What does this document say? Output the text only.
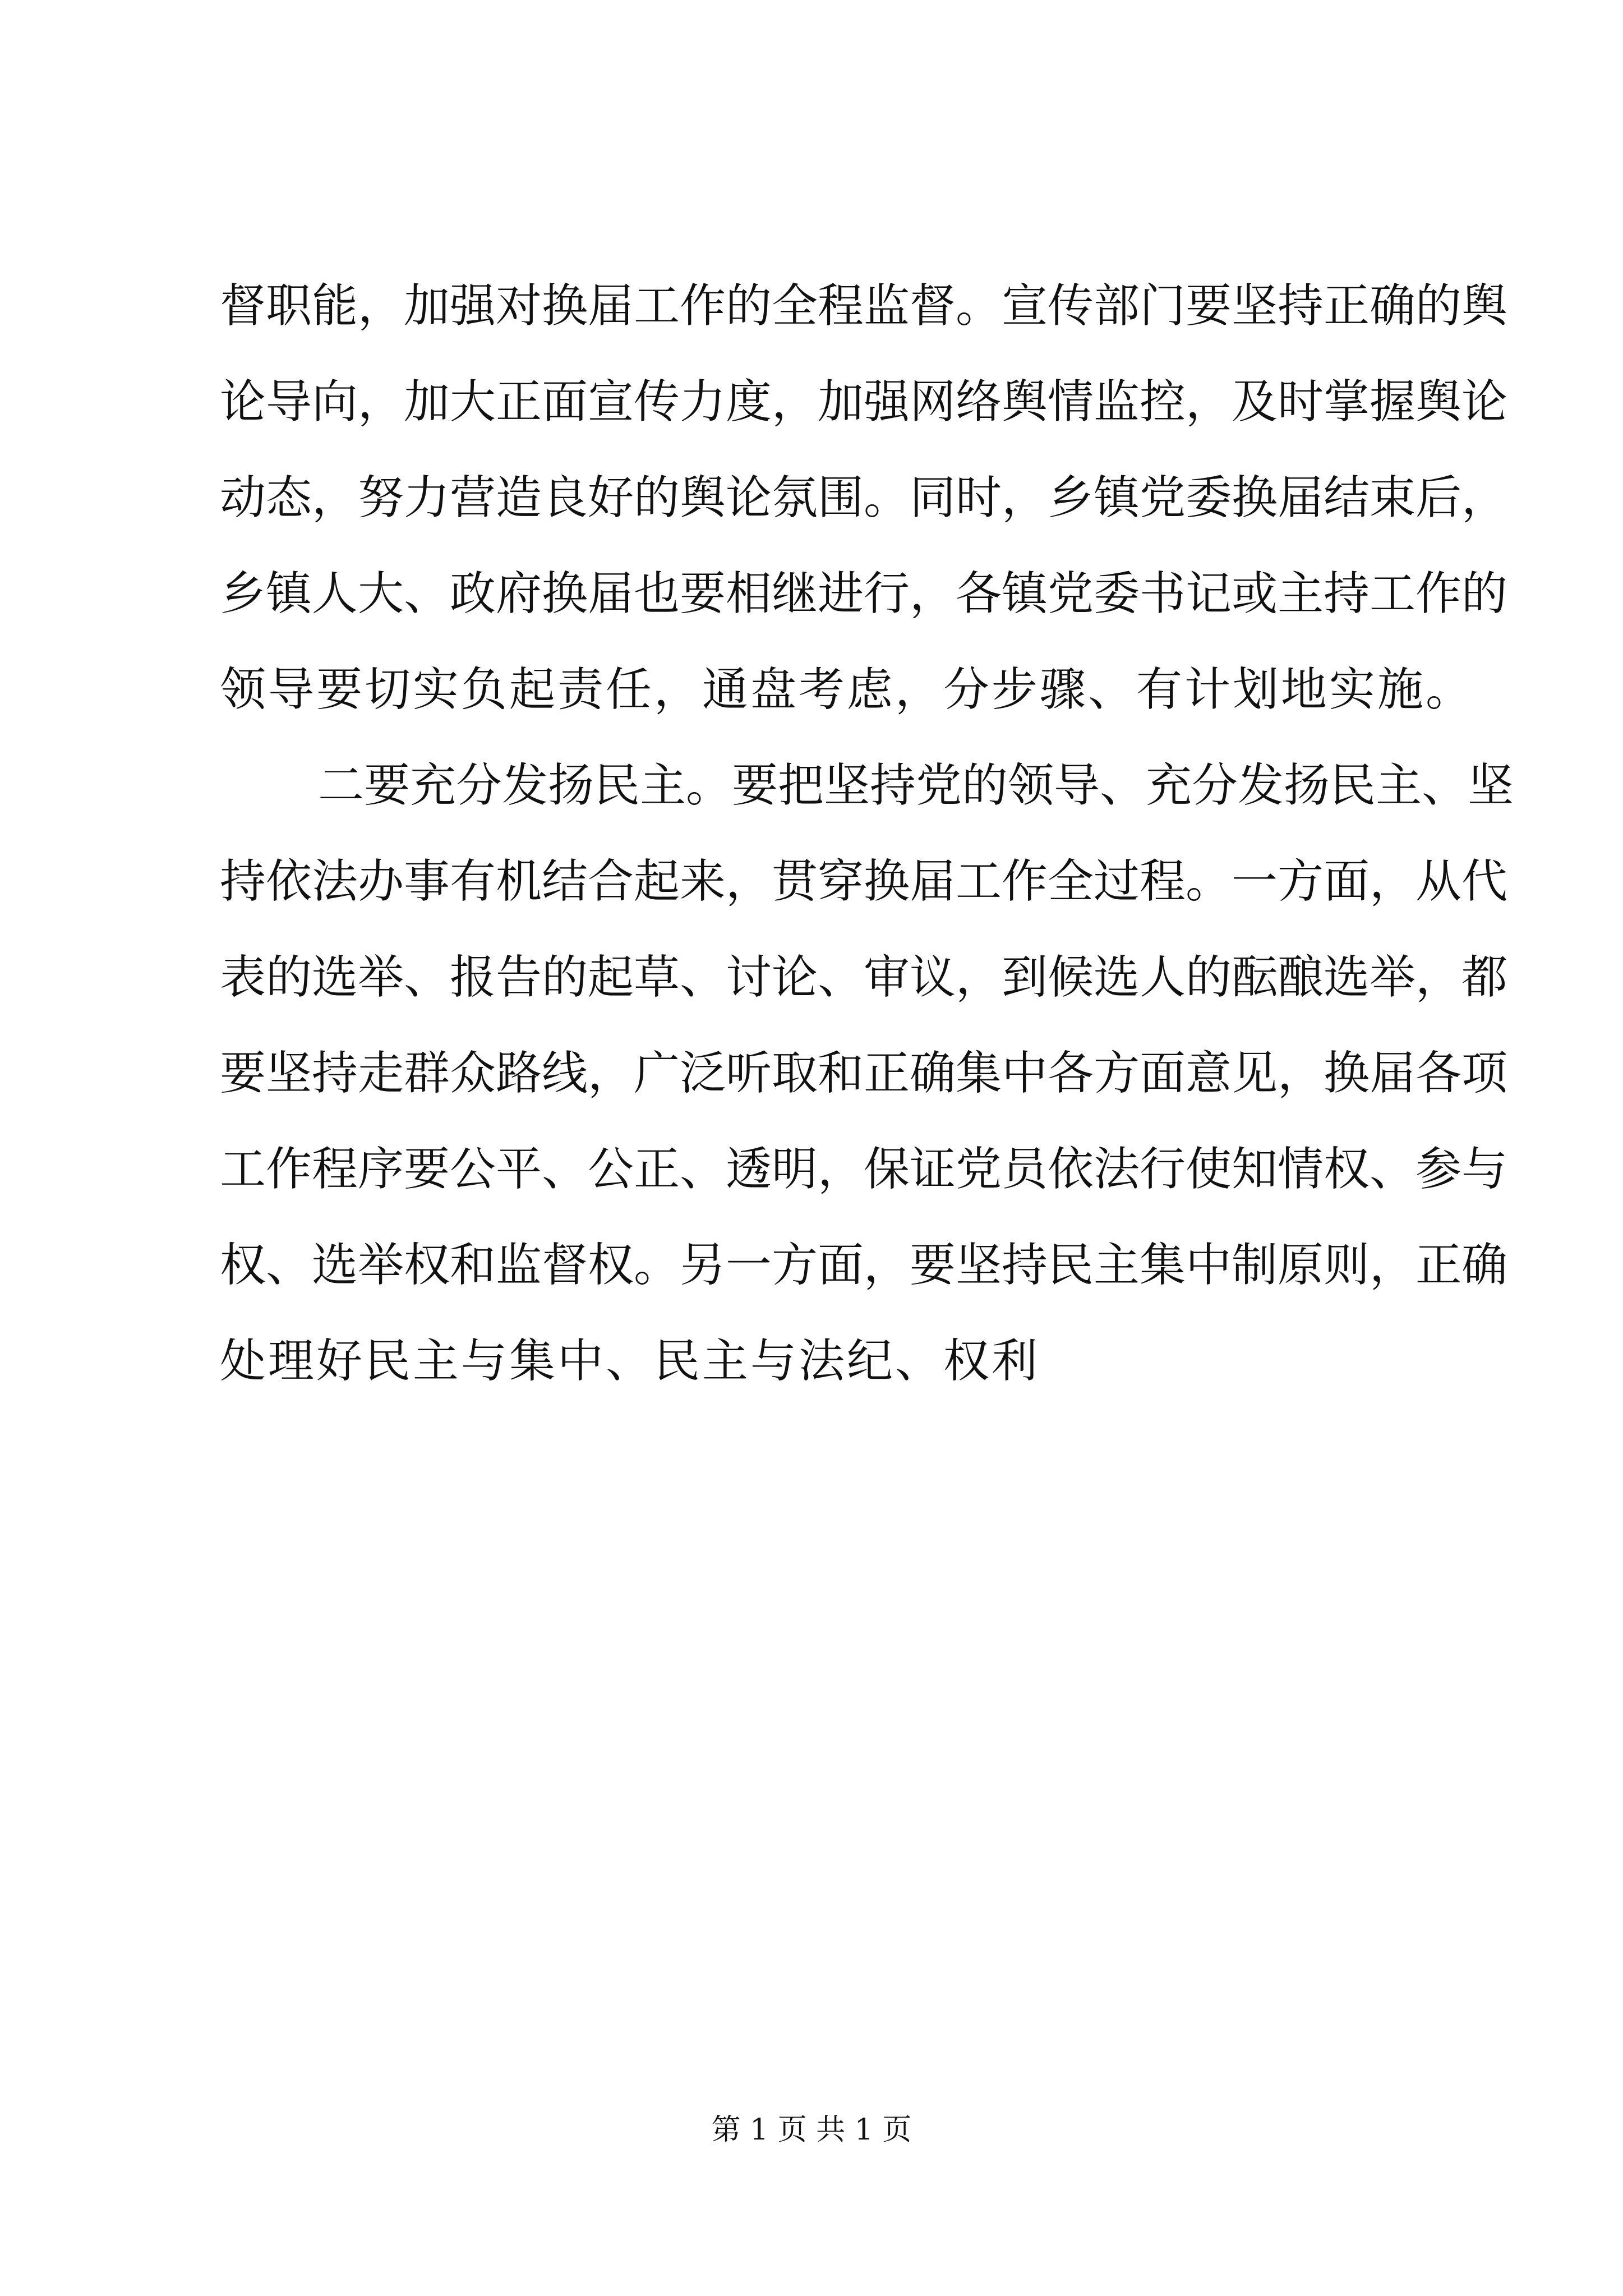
督职能，加强对换届工作的全程监督。宣传部门要坚持正确的舆
论导向，加大正面宣传力度，加强网络舆情监控，及时掌握舆论
动态，努力营造良好的舆论氛围。同时，乡镇党委换届结束后，
乡镇人大、政府换届也要相继进行，各镇党委书记或主持工作的
领导要切实负起责任，通盘考虑，分步骤、有计划地实施。
二要充分发扬民主。要把坚持党的领导、充分发扬民主、坚
持依法办事有机结合起来，贯穿换届工作全过程。一方面，从代
表的选举、报告的起草、讨论、审议，到候选人的酝酿选举，都
要坚持走群众路线，广泛听取和正确集中各方面意见，换届各项
工作程序要公平、公正、透明，保证党员依法行使知情权、参与
权、选举权和监督权。另一方面，要坚持民主集中制原则，正确
处理好民主与集中、民主与法纪、权利
第 1 页 共 1 页
